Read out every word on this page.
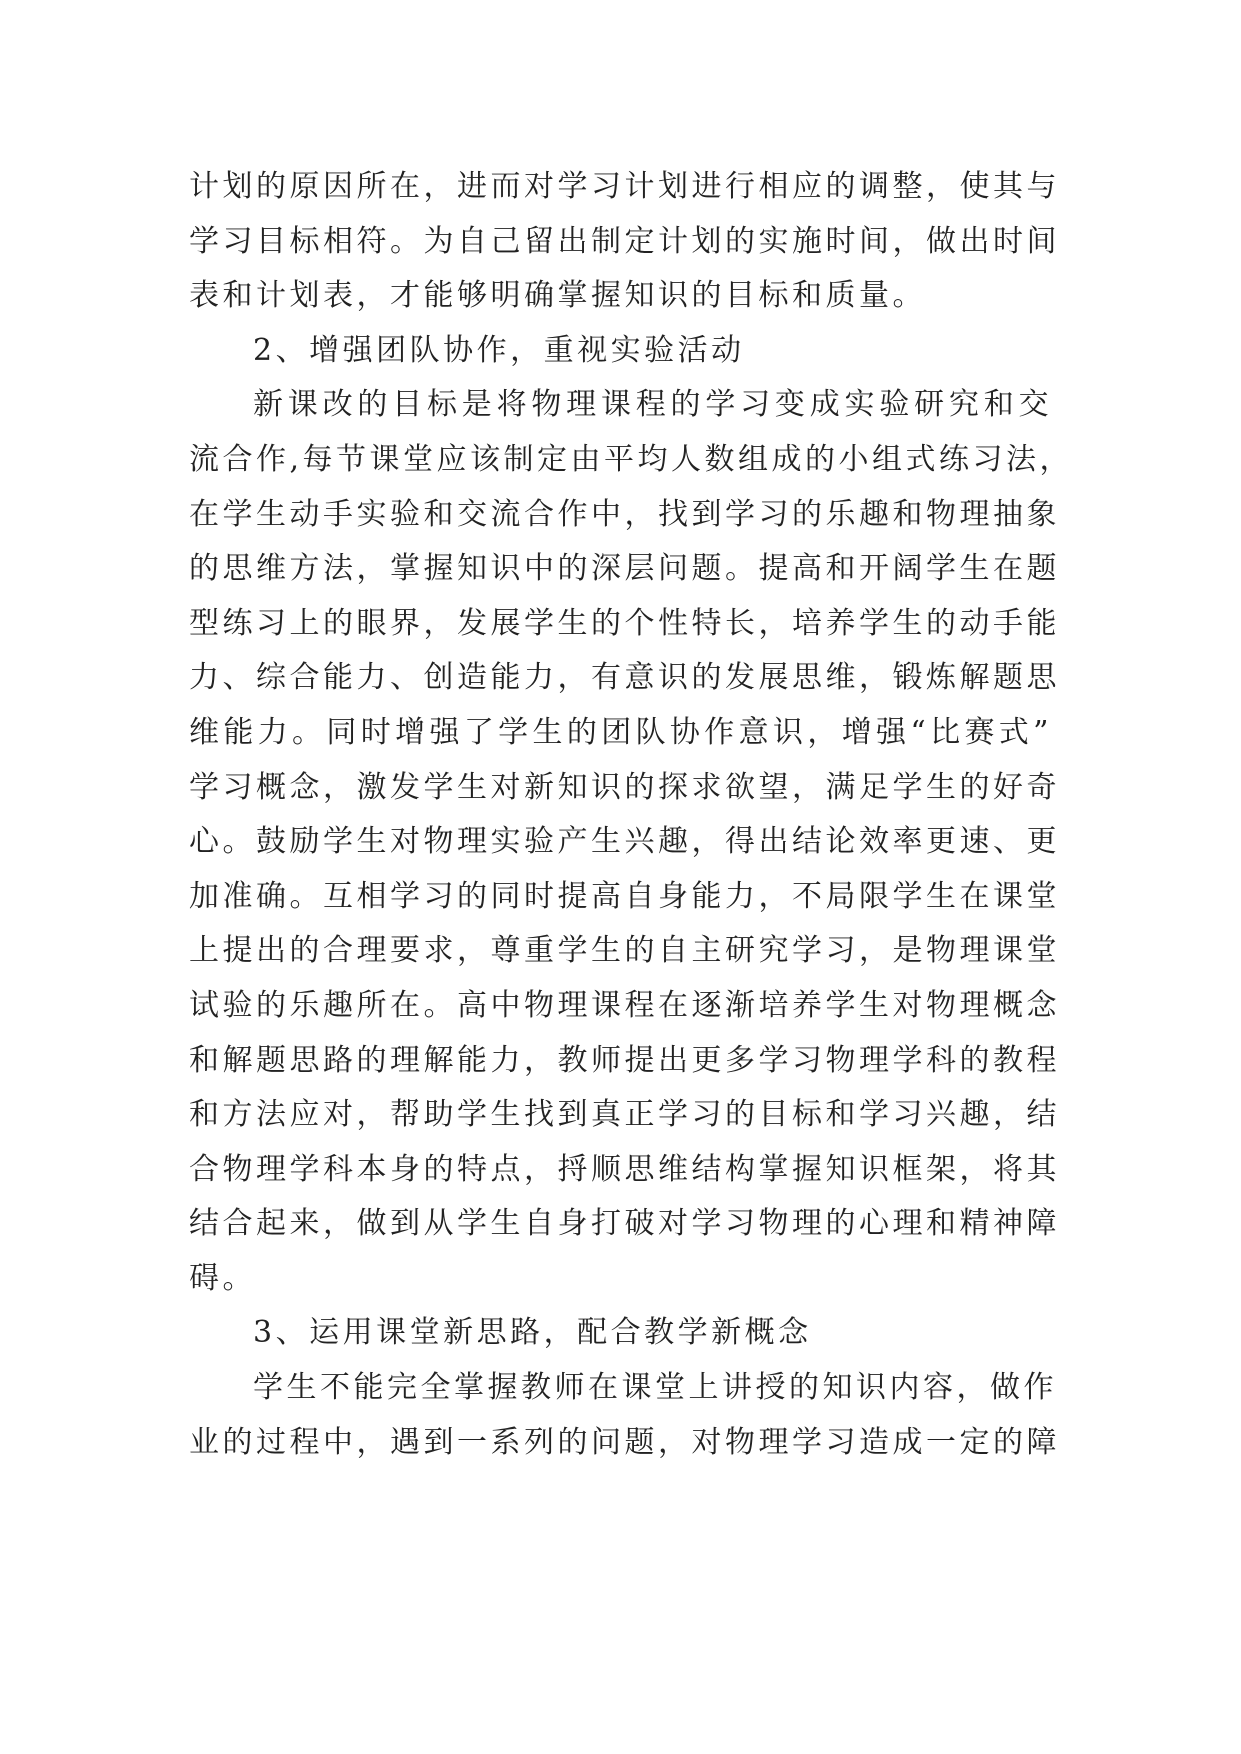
计划的原因所在，进而对学习计划进行相应的调整，使其与
学习目标相符。为自己留出制定计划的实施时间，做出时间
表和计划表，才能够明确掌握知识的目标和质量。
2、增强团队协作，重视实验活动
新课改的目标是将物理课程的学习变成实验研究和交
流合作,每节课堂应该制定由平均人数组成的小组式练习法，
在学生动手实验和交流合作中，找到学习的乐趣和物理抽象
的思维方法，掌握知识中的深层问题。提高和开阔学生在题
型练习上的眼界，发展学生的个性特长，培养学生的动手能
力、综合能力、创造能力，有意识的发展思维，锻炼解题思
维能力。同时增强了学生的团队协作意识，增强“比赛式”
学习概念，激发学生对新知识的探求欲望，满足学生的好奇
心。鼓励学生对物理实验产生兴趣，得出结论效率更速、更
加准确。互相学习的同时提高自身能力，不局限学生在课堂
上提出的合理要求，尊重学生的自主研究学习，是物理课堂
试验的乐趣所在。高中物理课程在逐渐培养学生对物理概念
和解题思路的理解能力，教师提出更多学习物理学科的教程
和方法应对，帮助学生找到真正学习的目标和学习兴趣，结
合物理学科本身的特点，捋顺思维结构掌握知识框架，将其
结合起来，做到从学生自身打破对学习物理的心理和精神障
碍。
3、运用课堂新思路，配合教学新概念
学生不能完全掌握教师在课堂上讲授的知识内容，做作
业的过程中，遇到一系列的问题，对物理学习造成一定的障
